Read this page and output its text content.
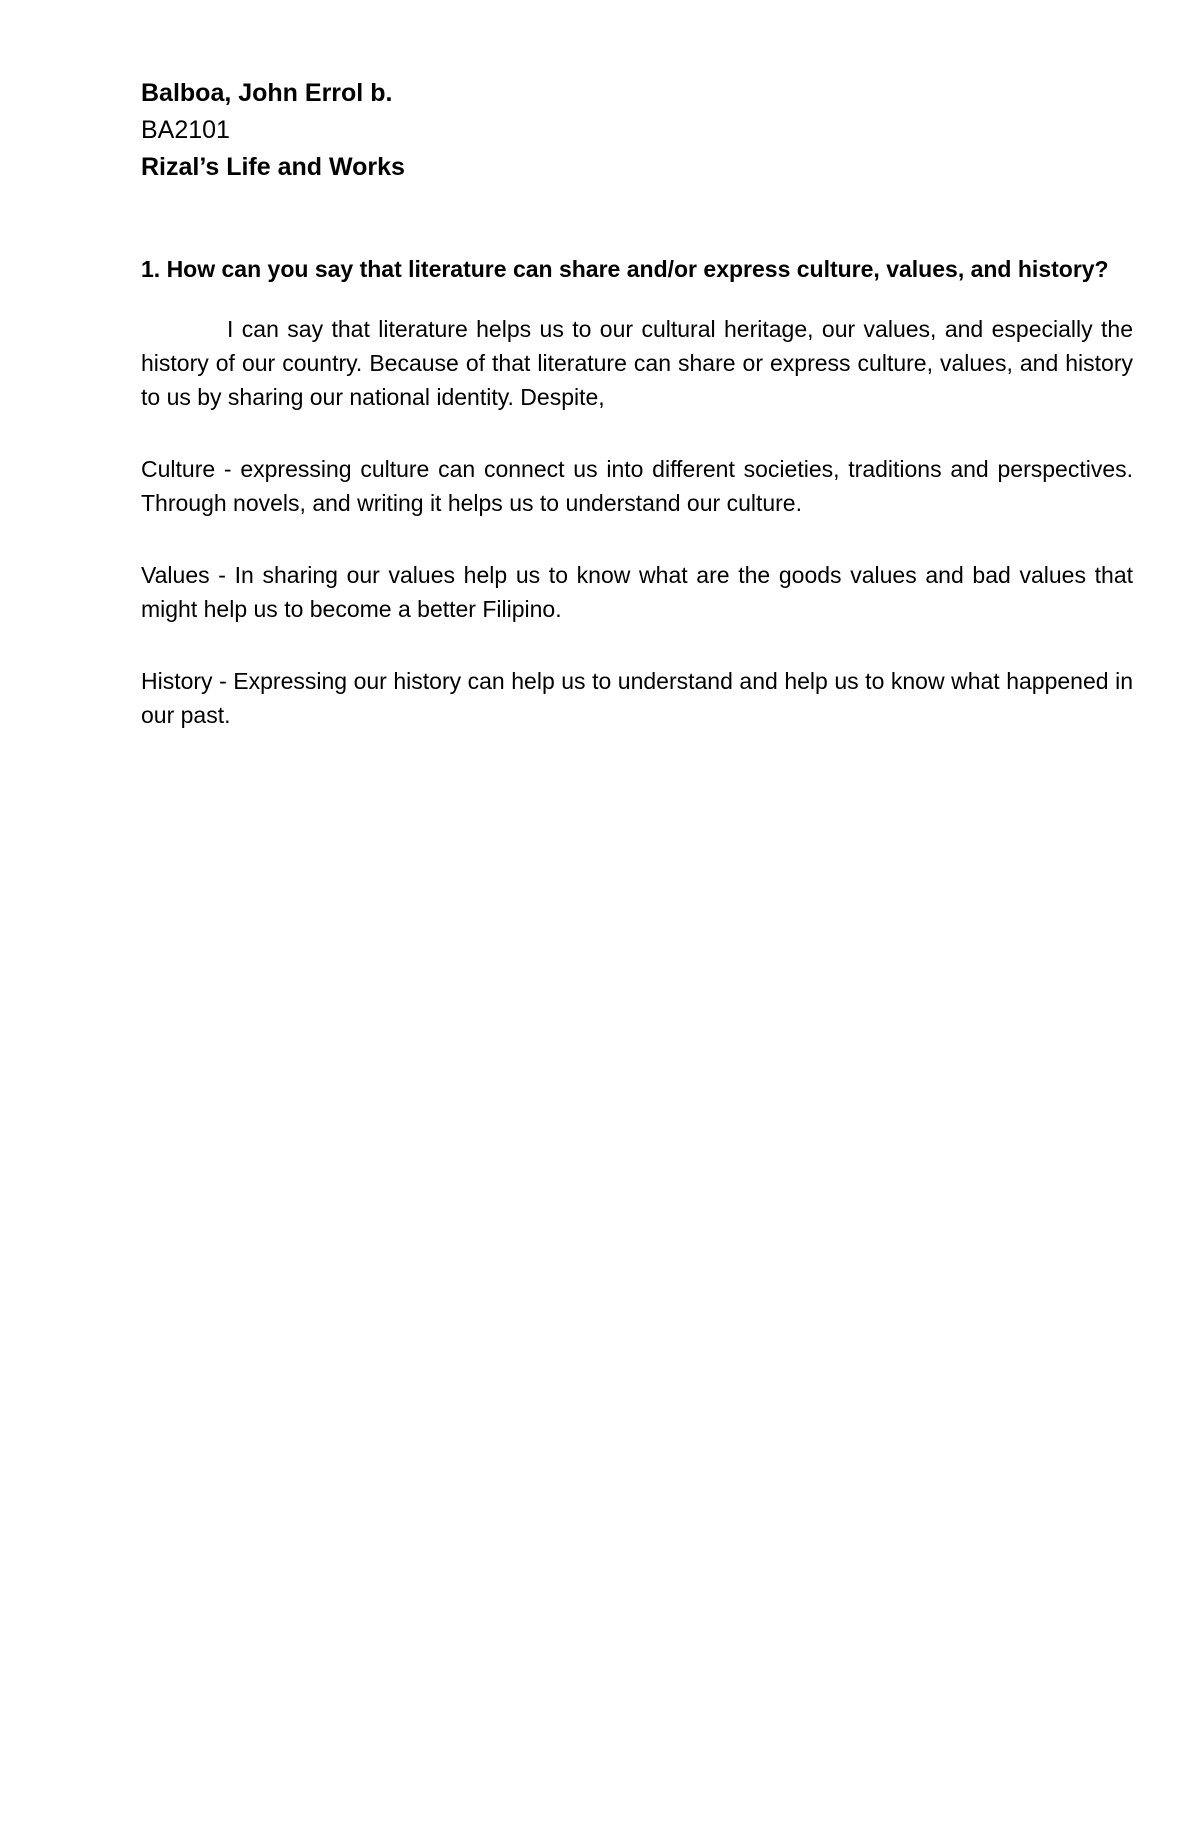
Balboa, John Errol b.

BA2101

Rizal’s Life and Works

1. How can you say that literature can share and/or express culture, values, and history?

I can say that literature helps us to our cultural heritage, our values, and especially the history of our country. Because of that literature can share or express culture, values, and history to us by sharing our national identity. Despite,

Culture - expressing culture can connect us into different societies, traditions and perspectives. Through novels, and writing it helps us to understand our culture.

Values - In sharing our values help us to know what are the goods values and bad values that might help us to become a better Filipino.

History - Expressing our history can help us to understand and help us to know what happened in our past.
